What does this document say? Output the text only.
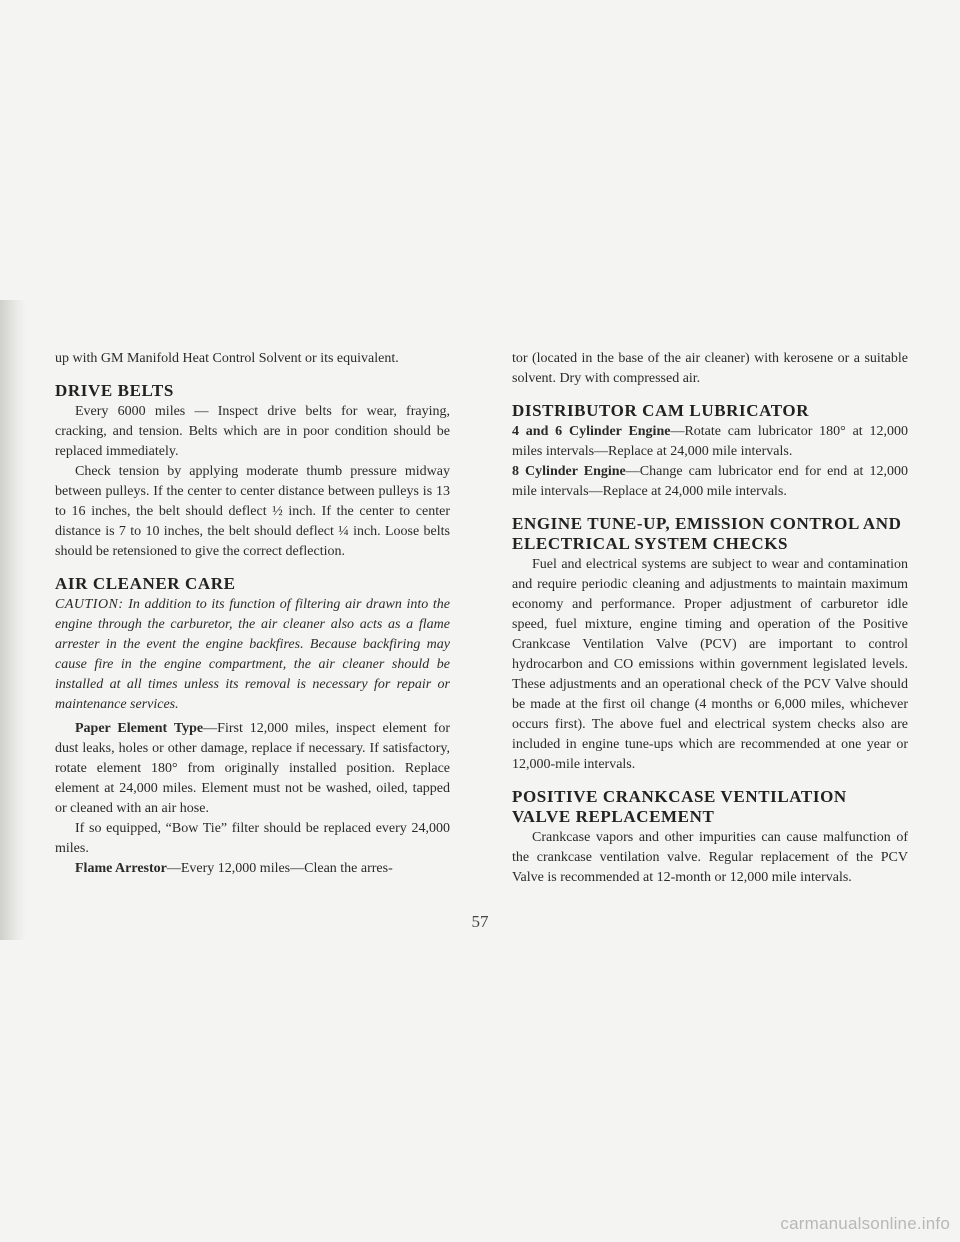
up with GM Manifold Heat Control Solvent or its equivalent.

DRIVE BELTS

Every 6000 miles — Inspect drive belts for wear, fraying, cracking, and tension. Belts which are in poor condition should be replaced immediately.

Check tension by applying moderate thumb pressure midway between pulleys. If the center to center distance between pulleys is 13 to 16 inches, the belt should deflect ½ inch. If the center to center distance is 7 to 10 inches, the belt should deflect ¼ inch. Loose belts should be retensioned to give the correct deflection.

AIR CLEANER CARE

CAUTION: In addition to its function of filtering air drawn into the engine through the carburetor, the air cleaner also acts as a flame arrester in the event the engine backfires. Because backfiring may cause fire in the engine compartment, the air cleaner should be installed at all times unless its removal is necessary for repair or maintenance services.

Paper Element Type—First 12,000 miles, inspect element for dust leaks, holes or other damage, replace if necessary. If satisfactory, rotate element 180° from originally installed position. Replace element at 24,000 miles. Element must not be washed, oiled, tapped or cleaned with an air hose.

If so equipped, “Bow Tie” filter should be replaced every 24,000 miles.

Flame Arrestor—Every 12,000 miles—Clean the arres-

tor (located in the base of the air cleaner) with kerosene or a suitable solvent. Dry with compressed air.

DISTRIBUTOR CAM LUBRICATOR

4 and 6 Cylinder Engine—Rotate cam lubricator 180° at 12,000 miles intervals—Replace at 24,000 mile intervals.

8 Cylinder Engine—Change cam lubricator end for end at 12,000 mile intervals—Replace at 24,000 mile intervals.

ENGINE TUNE-UP, EMISSION CONTROL AND ELECTRICAL SYSTEM CHECKS

Fuel and electrical systems are subject to wear and contamination and require periodic cleaning and adjustments to maintain maximum economy and performance. Proper adjustment of carburetor idle speed, fuel mixture, engine timing and operation of the Positive Crankcase Ventilation Valve (PCV) are important to control hydrocarbon and CO emissions within government legislated levels. These adjustments and an operational check of the PCV Valve should be made at the first oil change (4 months or 6,000 miles, whichever occurs first). The above fuel and electrical system checks also are included in engine tune-ups which are recommended at one year or 12,000-mile intervals.

POSITIVE CRANKCASE VENTILATION VALVE REPLACEMENT

Crankcase vapors and other impurities can cause malfunction of the crankcase ventilation valve. Regular replacement of the PCV Valve is recommended at 12-month or 12,000 mile intervals.

57
carmanualsonline.info
